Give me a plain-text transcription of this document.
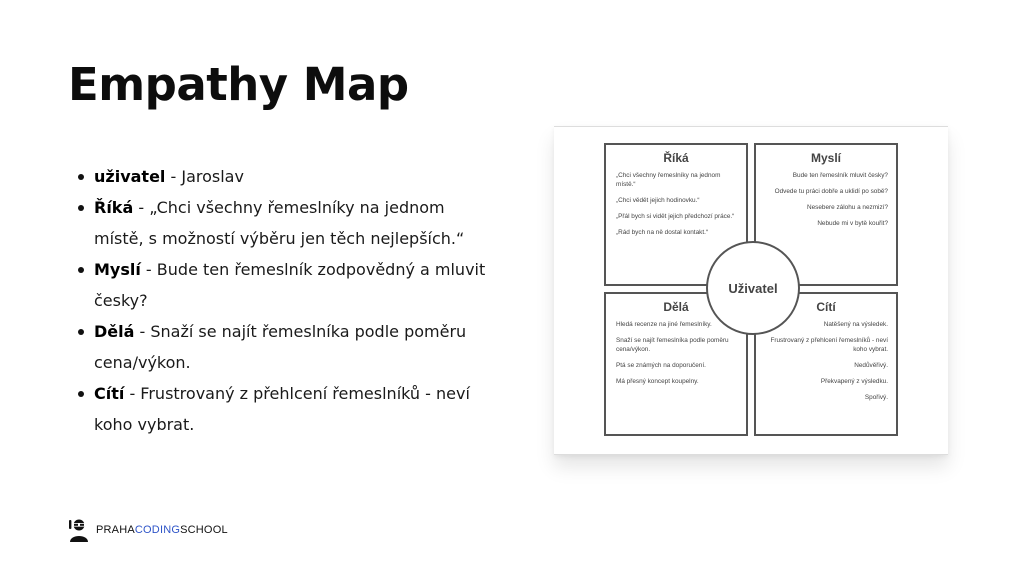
Empathy Map
uživatel - Jaroslav
Říká - „Chci všechny řemeslníky na jednom místě, s možností výběru jen těch nejlepších.“
Myslí - Bude ten řemeslník zodpovědný a mluvit česky?
Dělá - Snaží se najít řemeslníka podle poměru cena/výkon.
Cítí - Frustrovaný z přehlcení řemeslníků - neví koho vybrat.
Říká
„Chci všechny řemeslníky na jednom místě.“
„Chci vědět jejich hodinovku.“
„Přál bych si vidět jejich předchozí práce.“
„Rád bych na ně dostal kontakt.“
Myslí
Bude ten řemeslník mluvit česky?
Odvede tu práci dobře a uklidí po sobě?
Nesebere zálohu a nezmizí?
Nebude mi v bytě kouřit?
Dělá
Hledá recenze na jiné řemeslníky.
Snaží se najít řemeslníka podle poměru cena/výkon.
Ptá se známých na doporučení.
Má přesný koncept koupelny.
Cítí
Natěšený na výsledek.
Frustrovaný z přehlcení řemeslníků - neví koho vybrat.
Nedůvěřivý.
Překvapený z výsledku.
Spořivý.
Uživatel
PRAHACODINGSCHOOL
